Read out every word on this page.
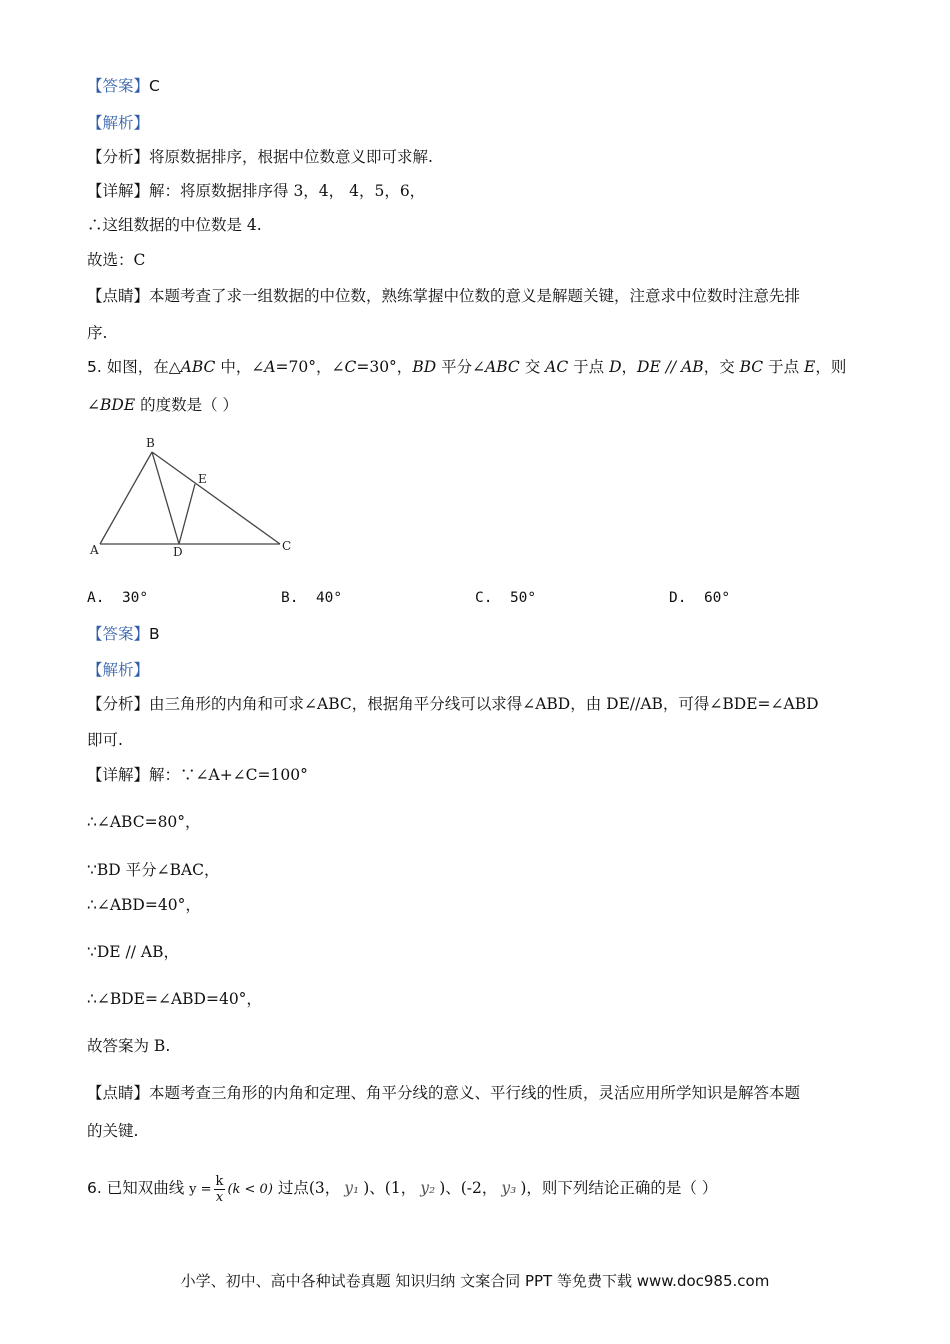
【答案】C
【解析】
【分析】将原数据排序，根据中位数意义即可求解.
【详解】解：将原数据排序得 3，4， 4，5，6，
∴这组数据的中位数是 4.
故选：C
【点睛】本题考查了求一组数据的中位数，熟练掌握中位数的意义是解题关键，注意求中位数时注意先排
序.
5. 如图，在△ABC 中，∠A=70°，∠C=30°，BD 平分∠ABC 交 AC 于点 D，DE // AB，交 BC 于点 E，则
∠BDE 的度数是（ ）
A
B
C
D
E
A. 30°	B. 40°	C. 50°	D. 60°
【答案】B
【解析】
【分析】由三角形的内角和可求∠ABC，根据角平分线可以求得∠ABD，由 DE//AB，可得∠BDE=∠ABD
即可.
【详解】解：∵∠A+∠C=100°
∴∠ABC=80°，
∵BD 平分∠BAC，
∴∠ABD=40°，
∵DE // AB，
∴∠BDE=∠ABD=40°，
故答案为 B.
【点睛】本题考查三角形的内角和定理、角平分线的意义、平行线的性质，灵活应用所学知识是解答本题
的关键.
6. 已知双曲线 $y = \frac{k}{x} (k < 0)$ 过点(3， y₁ )、(1， y₂ )、(-2， y₃ )，则下列结论正确的是（ ）
小学、初中、高中各种试卷真题 知识归纳 文案合同 PPT 等免费下载 www.doc985.com
